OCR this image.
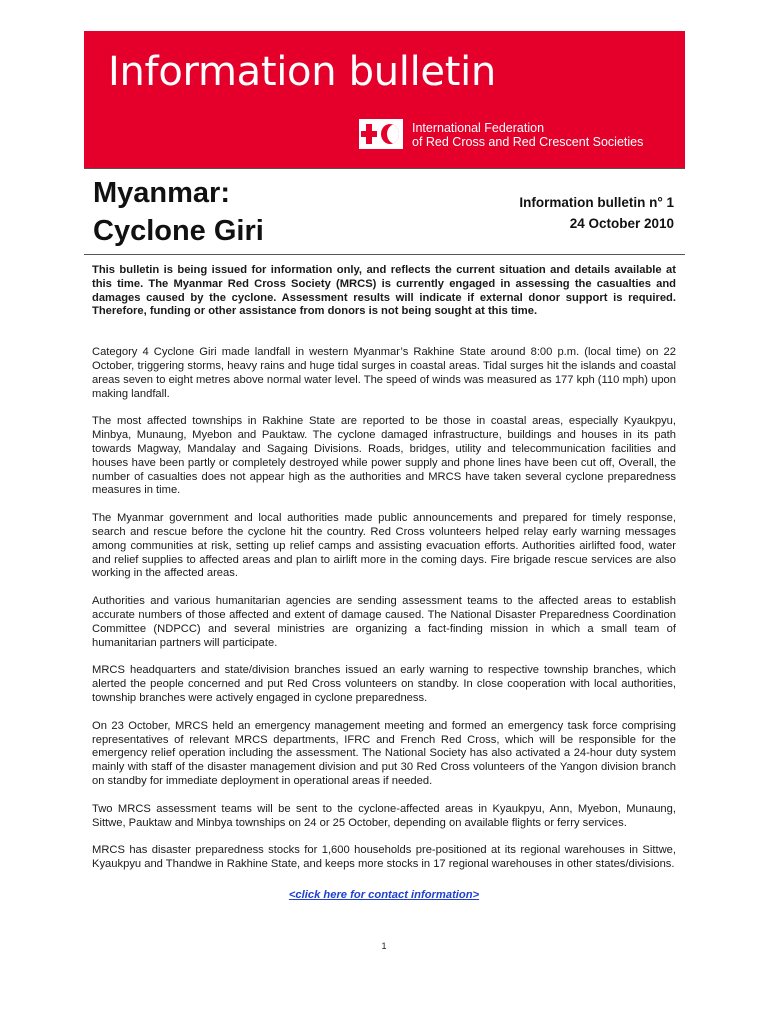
Information bulletin
International Federation
of Red Cross and Red Crescent Societies
Myanmar:
Cyclone Giri
Information bulletin n° 1
24 October 2010

This bulletin is being issued for information only, and reflects the current situation and details available at this time. The Myanmar Red Cross Society (MRCS) is currently engaged in assessing the casualties and damages caused by the cyclone. Assessment results will indicate if external donor support is required. Therefore, funding or other assistance from donors is not being sought at this time.

Category 4 Cyclone Giri made landfall in western Myanmar’s Rakhine State around 8:00 p.m. (local time) on 22 October, triggering storms, heavy rains and huge tidal surges in coastal areas. Tidal surges hit the islands and coastal areas seven to eight metres above normal water level. The speed of winds was measured as 177 kph (110 mph) upon making landfall.

The most affected townships in Rakhine State are reported to be those in coastal areas, especially Kyaukpyu, Minbya, Munaung, Myebon and Pauktaw. The cyclone damaged infrastructure, buildings and houses in its path towards Magway, Mandalay and Sagaing Divisions. Roads, bridges, utility and telecommunication facilities and houses have been partly or completely destroyed while power supply and phone lines have been cut off, Overall, the number of casualties does not appear high as the authorities and MRCS have taken several cyclone preparedness measures in time.

The Myanmar government and local authorities made public announcements and prepared for timely response, search and rescue before the cyclone hit the country. Red Cross volunteers helped relay early warning messages among communities at risk, setting up relief camps and assisting evacuation efforts. Authorities airlifted food, water and relief supplies to affected areas and plan to airlift more in the coming days. Fire brigade rescue services are also working in the affected areas.

Authorities and various humanitarian agencies are sending assessment teams to the affected areas to establish accurate numbers of those affected and extent of damage caused. The National Disaster Preparedness Coordination Committee (NDPCC) and several ministries are organizing a fact-finding mission in which a small team of humanitarian partners will participate.

MRCS headquarters and state/division branches issued an early warning to respective township branches, which alerted the people concerned and put Red Cross volunteers on standby. In close cooperation with local authorities, township branches were actively engaged in cyclone preparedness.

On 23 October, MRCS held an emergency management meeting and formed an emergency task force comprising representatives of relevant MRCS departments, IFRC and French Red Cross, which will be responsible for the emergency relief operation including the assessment. The National Society has also activated a 24-hour duty system mainly with staff of the disaster management division and put 30 Red Cross volunteers of the Yangon division branch on standby for immediate deployment in operational areas if needed.

Two MRCS assessment teams will be sent to the cyclone-affected areas in Kyaukpyu, Ann, Myebon, Munaung, Sittwe, Pauktaw and Minbya townships on 24 or 25 October, depending on available flights or ferry services.

MRCS has disaster preparedness stocks for 1,600 households pre-positioned at its regional warehouses in Sittwe, Kyaukpyu and Thandwe in Rakhine State, and keeps more stocks in 17 regional warehouses in other states/divisions.

<click here for contact information>
1
